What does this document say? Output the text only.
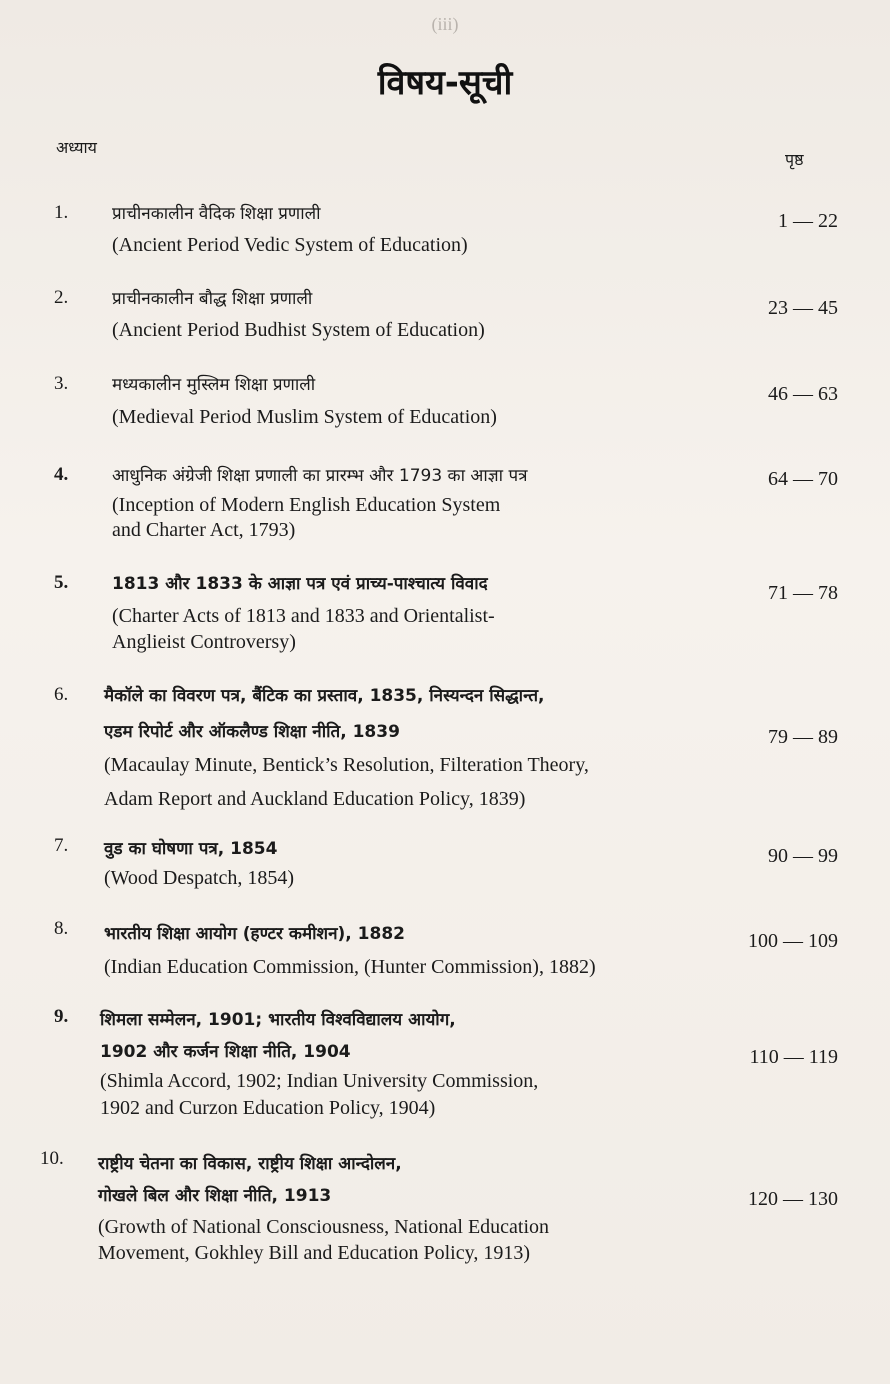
(iii)
विषय-सूची
अध्याय
पृष्ठ
1.	प्राचीनकालीन वैदिक शिक्षा प्रणाली
(Ancient Period Vedic System of Education)
1 — 22
2.	प्राचीनकालीन बौद्ध शिक्षा प्रणाली
(Ancient Period Budhist System of Education)
23 — 45
3.	मध्यकालीन मुस्लिम शिक्षा प्रणाली
(Medieval Period Muslim System of Education)
46 — 63
4.	आधुनिक अंग्रेजी शिक्षा प्रणाली का प्रारम्भ और 1793 का आज्ञा पत्र
(Inception of Modern English Education System
and Charter Act, 1793)
64 — 70
5.	1813 और 1833 के आज्ञा पत्र एवं प्राच्य-पाश्चात्य विवाद
(Charter Acts of 1813 and 1833 and Orientalist-
Anglieist Controversy)
71 — 78
6. मैकॉले का विवरण पत्र, बैंटिक का प्रस्ताव, 1835, निस्यन्दन सिद्धान्त,
एडम रिपोर्ट और ऑकलैण्ड शिक्षा नीति, 1839
(Macaulay Minute, Bentick’s Resolution, Filteration Theory,
Adam Report and Auckland Education Policy, 1839)
79 — 89
7. वुड का घोषणा पत्र, 1854
(Wood Despatch, 1854)
90 — 99
8. भारतीय शिक्षा आयोग (हण्टर कमीशन), 1882
(Indian Education Commission, (Hunter Commission), 1882)
100 — 109
9. शिमला सम्मेलन, 1901; भारतीय विश्वविद्यालय आयोग,
1902 और कर्जन शिक्षा नीति, 1904
(Shimla Accord, 1902; Indian University Commission,
1902 and Curzon Education Policy, 1904)
110 — 119
10. राष्ट्रीय चेतना का विकास, राष्ट्रीय शिक्षा आन्दोलन,
गोखले बिल और शिक्षा नीति, 1913
(Growth of National Consciousness, National Education
Movement, Gokhley Bill and Education Policy, 1913)
120 — 130
